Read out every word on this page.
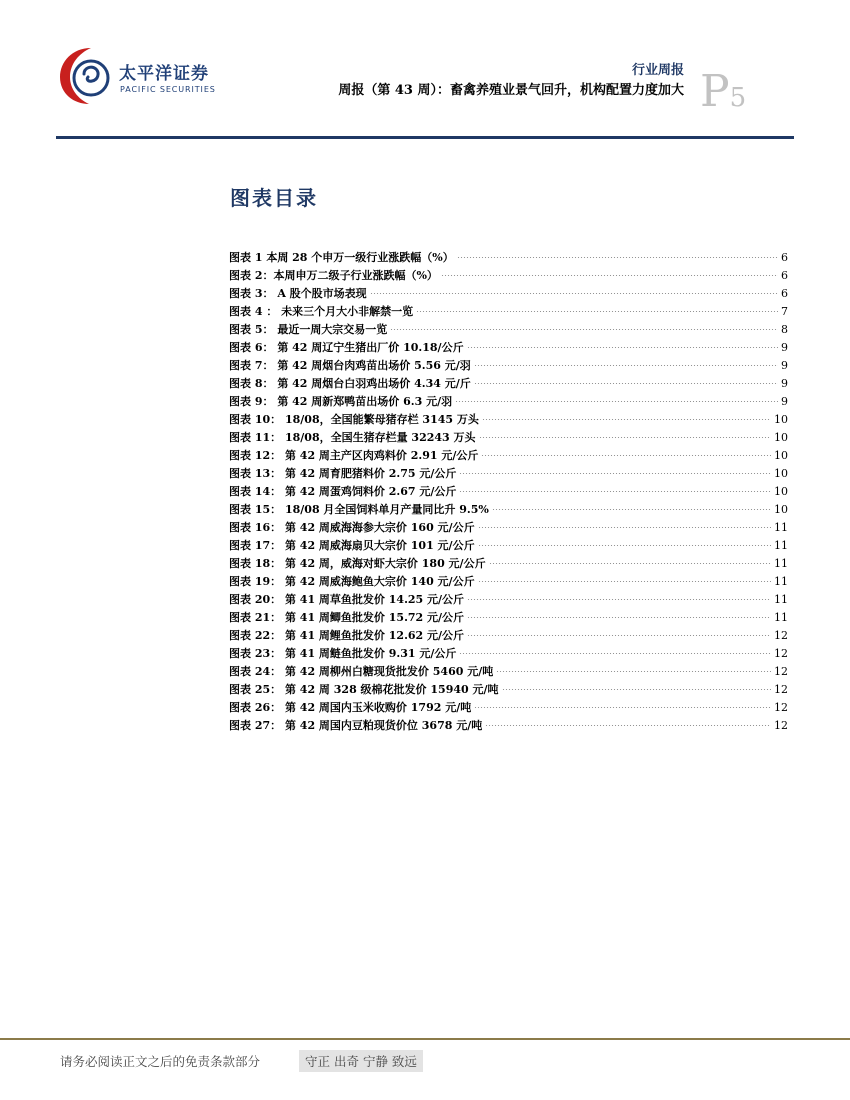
太平洋证券
PACIFIC SECURITIES
行业周报
周报（第 43 周）：畜禽养殖业景气回升，机构配置力度加大 P5
图表目录
图表 1 本周 28 个申万一级行业涨跌幅（%）	6
图表 2：本周申万二级子行业涨跌幅（%）	6
图表 3： A 股个股市场表现	6
图表 4 ： 未来三个月大小非解禁一览	7
图表 5： 最近一周大宗交易一览	8
图表 6： 第 42 周辽宁生猪出厂价 10.18/公斤	9
图表 7： 第 42 周烟台肉鸡苗出场价 5.56 元/羽	9
图表 8： 第 42 周烟台白羽鸡出场价 4.34 元/斤	9
图表 9： 第 42 周新郑鸭苗出场价 6.3 元/羽	9
图表 10： 18/08，全国能繁母猪存栏 3145 万头	10
图表 11： 18/08，全国生猪存栏量 32243 万头	10
图表 12： 第 42 周主产区肉鸡料价 2.91 元/公斤	10
图表 13： 第 42 周育肥猪料价 2.75 元/公斤	10
图表 14： 第 42 周蛋鸡饲料价 2.67 元/公斤	10
图表 15： 18/08 月全国饲料单月产量同比升 9.5%	10
图表 16： 第 42 周威海海参大宗价 160 元/公斤	11
图表 17： 第 42 周威海扇贝大宗价 101 元/公斤	11
图表 18： 第 42 周，威海对虾大宗价 180 元/公斤	11
图表 19： 第 42 周威海鲍鱼大宗价 140 元/公斤	11
图表 20： 第 41 周草鱼批发价 14.25 元/公斤	11
图表 21： 第 41 周鲫鱼批发价 15.72 元/公斤	11
图表 22： 第 41 周鲤鱼批发价 12.62 元/公斤	12
图表 23： 第 41 周鲢鱼批发价 9.31 元/公斤	12
图表 24： 第 42 周柳州白糖现货批发价 5460 元/吨	12
图表 25： 第 42 周 328 级棉花批发价 15940 元/吨	12
图表 26： 第 42 周国内玉米收购价 1792 元/吨	12
图表 27： 第 42 周国内豆粕现货价位 3678 元/吨	12
请务必阅读正文之后的免责条款部分	守正 出奇 宁静 致远
